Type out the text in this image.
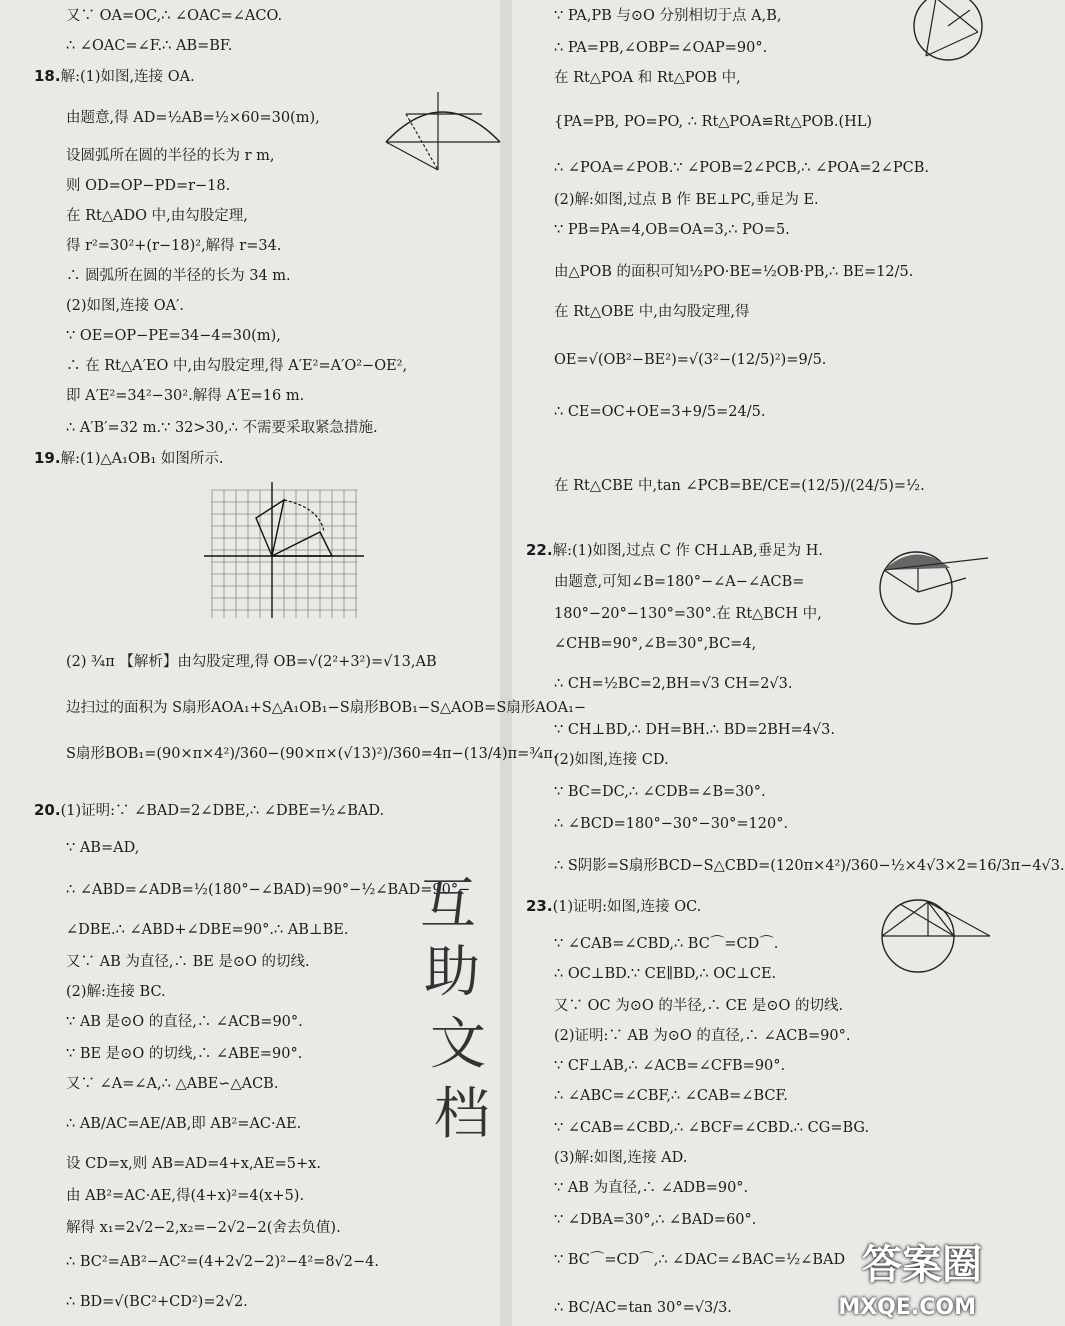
又∵ OA=OC,∴ ∠OAC=∠ACO.
∴ ∠OAC=∠F.∴ AB=BF.
18.解:(1)如图,连接 OA.
由题意,得 AD=½AB=½×60=30(m),
设圆弧所在圆的半径的长为 r m,
则 OD=OP−PD=r−18.
在 Rt△ADO 中,由勾股定理,
得 r²=30²+(r−18)²,解得 r=34.
∴ 圆弧所在圆的半径的长为 34 m.
(2)如图,连接 OA′.
∵ OE=OP−PE=34−4=30(m),
∴ 在 Rt△A′EO 中,由勾股定理,得 A′E²=A′O²−OE²,
即 A′E²=34²−30².解得 A′E=16 m.
∴ A′B′=32 m.∵ 32>30,∴ 不需要采取紧急措施.
19.解:(1)△A₁OB₁ 如图所示.
(2) ¾π 【解析】由勾股定理,得 OB=√(2²+3²)=√13,AB
边扫过的面积为 S扇形AOA₁+S△A₁OB₁−S扇形BOB₁−S△AOB=S扇形AOA₁−
S扇形BOB₁=(90×π×4²)/360−(90×π×(√13)²)/360=4π−(13/4)π=¾π.
20.(1)证明:∵ ∠BAD=2∠DBE,∴ ∠DBE=½∠BAD.
∵ AB=AD,
∴ ∠ABD=∠ADB=½(180°−∠BAD)=90°−½∠BAD=90°−
∠DBE.∴ ∠ABD+∠DBE=90°.∴ AB⊥BE.
又∵ AB 为直径,∴ BE 是⊙O 的切线.
(2)解:连接 BC.
∵ AB 是⊙O 的直径,∴ ∠ACB=90°.
∵ BE 是⊙O 的切线,∴ ∠ABE=90°.
又∵ ∠A=∠A,∴ △ABE∽△ACB.
∴ AB/AC=AE/AB,即 AB²=AC·AE.
设 CD=x,则 AB=AD=4+x,AE=5+x.
由 AB²=AC·AE,得(4+x)²=4(x+5).
解得 x₁=2√2−2,x₂=−2√2−2(舍去负值).
∴ BC²=AB²−AC²=(4+2√2−2)²−4²=8√2−4.
∴ BD=√(BC²+CD²)=2√2.
∵ PA,PB 与⊙O 分别相切于点 A,B,
∴ PA=PB,∠OBP=∠OAP=90°.
在 Rt△POA 和 Rt△POB 中,
{PA=PB, PO=PO, ∴ Rt△POA≌Rt△POB.(HL)
∴ ∠POA=∠POB.∵ ∠POB=2∠PCB,∴ ∠POA=2∠PCB.
(2)解:如图,过点 B 作 BE⊥PC,垂足为 E.
∵ PB=PA=4,OB=OA=3,∴ PO=5.
由△POB 的面积可知½PO·BE=½OB·PB,∴ BE=12/5.
在 Rt△OBE 中,由勾股定理,得
OE=√(OB²−BE²)=√(3²−(12/5)²)=9/5.
∴ CE=OC+OE=3+9/5=24/5.
在 Rt△CBE 中,tan ∠PCB=BE/CE=(12/5)/(24/5)=½.
22.解:(1)如图,过点 C 作 CH⊥AB,垂足为 H.
由题意,可知∠B=180°−∠A−∠ACB=
180°−20°−130°=30°.在 Rt△BCH 中,
∠CHB=90°,∠B=30°,BC=4,
∴ CH=½BC=2,BH=√3 CH=2√3.
∵ CH⊥BD,∴ DH=BH.∴ BD=2BH=4√3.
(2)如图,连接 CD.
∵ BC=DC,∴ ∠CDB=∠B=30°.
∴ ∠BCD=180°−30°−30°=120°.
∴ S阴影=S扇形BCD−S△CBD=(120π×4²)/360−½×4√3×2=16/3π−4√3.
23.(1)证明:如图,连接 OC.
∵ ∠CAB=∠CBD,∴ BC⌒=CD⌒.
∴ OC⊥BD.∵ CE∥BD,∴ OC⊥CE.
又∵ OC 为⊙O 的半径,∴ CE 是⊙O 的切线.
(2)证明:∵ AB 为⊙O 的直径,∴ ∠ACB=90°.
∵ CF⊥AB,∴ ∠ACB=∠CFB=90°.
∴ ∠ABC=∠CBF,∴ ∠CAB=∠BCF.
∵ ∠CAB=∠CBD,∴ ∠BCF=∠CBD.∴ CG=BG.
(3)解:如图,连接 AD.
∵ AB 为直径,∴ ∠ADB=90°.
∵ ∠DBA=30°,∴ ∠BAD=60°.
∵ BC⌒=CD⌒,∴ ∠DAC=∠BAC=½∠BAD
∴ BC/AC=tan 30°=√3/3.
互
助
文
档
答案圈
MXQE.COM
